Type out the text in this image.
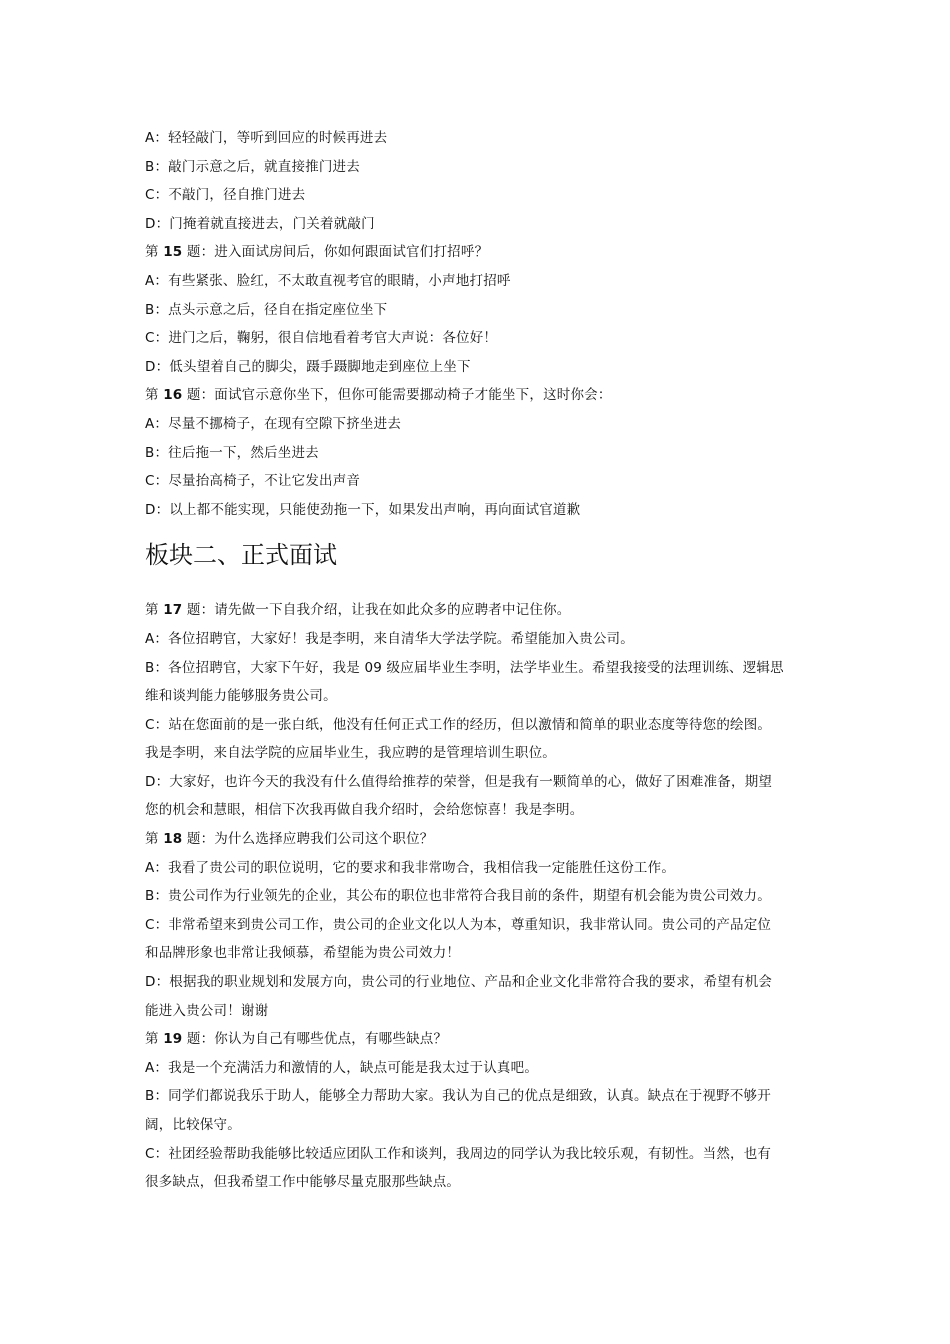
A：轻轻敲门，等听到回应的时候再进去
B：敲门示意之后，就直接推门进去
C：不敲门，径自推门进去
D：门掩着就直接进去，门关着就敲门
第 15 题：进入面试房间后，你如何跟面试官们打招呼？
A：有些紧张、脸红，不太敢直视考官的眼睛，小声地打招呼
B：点头示意之后，径自在指定座位坐下
C：进门之后，鞠躬，很自信地看着考官大声说：各位好！
D：低头望着自己的脚尖，蹑手蹑脚地走到座位上坐下
第 16 题：面试官示意你坐下，但你可能需要挪动椅子才能坐下，这时你会：
A：尽量不挪椅子，在现有空隙下挤坐进去
B：往后拖一下，然后坐进去
C：尽量抬高椅子，不让它发出声音
D：以上都不能实现，只能使劲拖一下，如果发出声响，再向面试官道歉
板块二、正式面试
第 17 题：请先做一下自我介绍，让我在如此众多的应聘者中记住你。
A：各位招聘官，大家好！我是李明，来自清华大学法学院。希望能加入贵公司。
B：各位招聘官，大家下午好，我是 09 级应届毕业生李明，法学毕业生。希望我接受的法理训练、逻辑思
维和谈判能力能够服务贵公司。
C：站在您面前的是一张白纸，他没有任何正式工作的经历，但以激情和简单的职业态度等待您的绘图。
我是李明，来自法学院的应届毕业生，我应聘的是管理培训生职位。
D：大家好，也许今天的我没有什么值得给推荐的荣誉，但是我有一颗简单的心，做好了困难准备，期望
您的机会和慧眼，相信下次我再做自我介绍时，会给您惊喜！我是李明。
第 18 题：为什么选择应聘我们公司这个职位？
A：我看了贵公司的职位说明，它的要求和我非常吻合，我相信我一定能胜任这份工作。
B：贵公司作为行业领先的企业，其公布的职位也非常符合我目前的条件，期望有机会能为贵公司效力。
C：非常希望来到贵公司工作，贵公司的企业文化以人为本，尊重知识，我非常认同。贵公司的产品定位
和品牌形象也非常让我倾慕，希望能为贵公司效力！
D：根据我的职业规划和发展方向，贵公司的行业地位、产品和企业文化非常符合我的要求，希望有机会
能进入贵公司！谢谢
第 19 题：你认为自己有哪些优点，有哪些缺点？
A：我是一个充满活力和激情的人，缺点可能是我太过于认真吧。
B：同学们都说我乐于助人，能够全力帮助大家。我认为自己的优点是细致，认真。缺点在于视野不够开
阔，比较保守。
C：社团经验帮助我能够比较适应团队工作和谈判，我周边的同学认为我比较乐观，有韧性。当然，也有
很多缺点，但我希望工作中能够尽量克服那些缺点。
